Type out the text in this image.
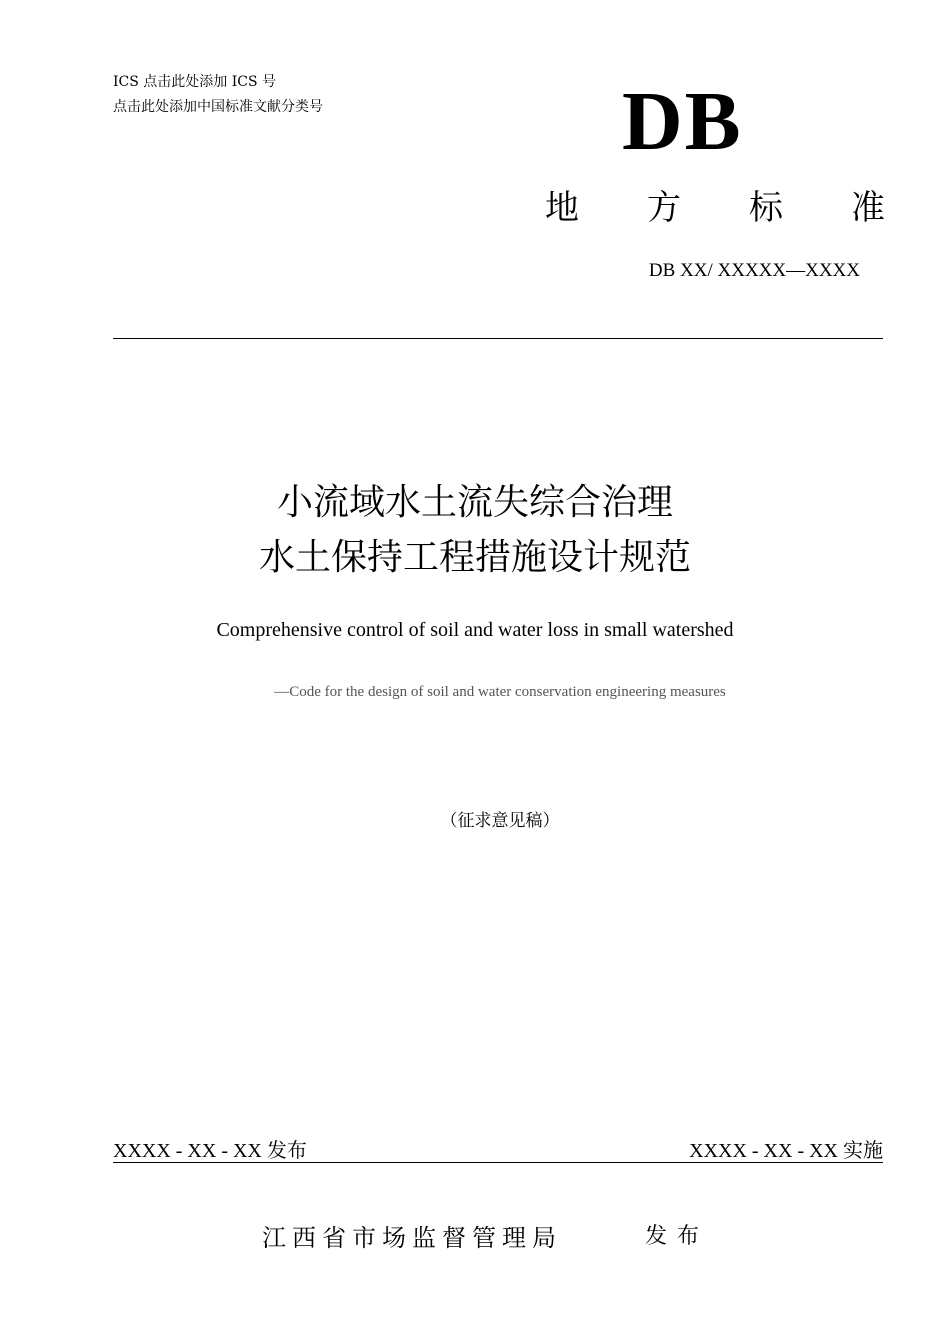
ICS 点击此处添加 ICS 号
点击此处添加中国标准文献分类号	DB
地 方 标 准
DB XX/ XXXXX—XXXX
小流域水土流失综合治理
水土保持工程措施设计规范
Comprehensive control of soil and water loss in small watershed
—Code for the design of soil and water conservation engineering measures
（征求意见稿）
XXXX - XX - XX 发布	XXXX - XX - XX 实施
江西省市场监督管理局	发布
